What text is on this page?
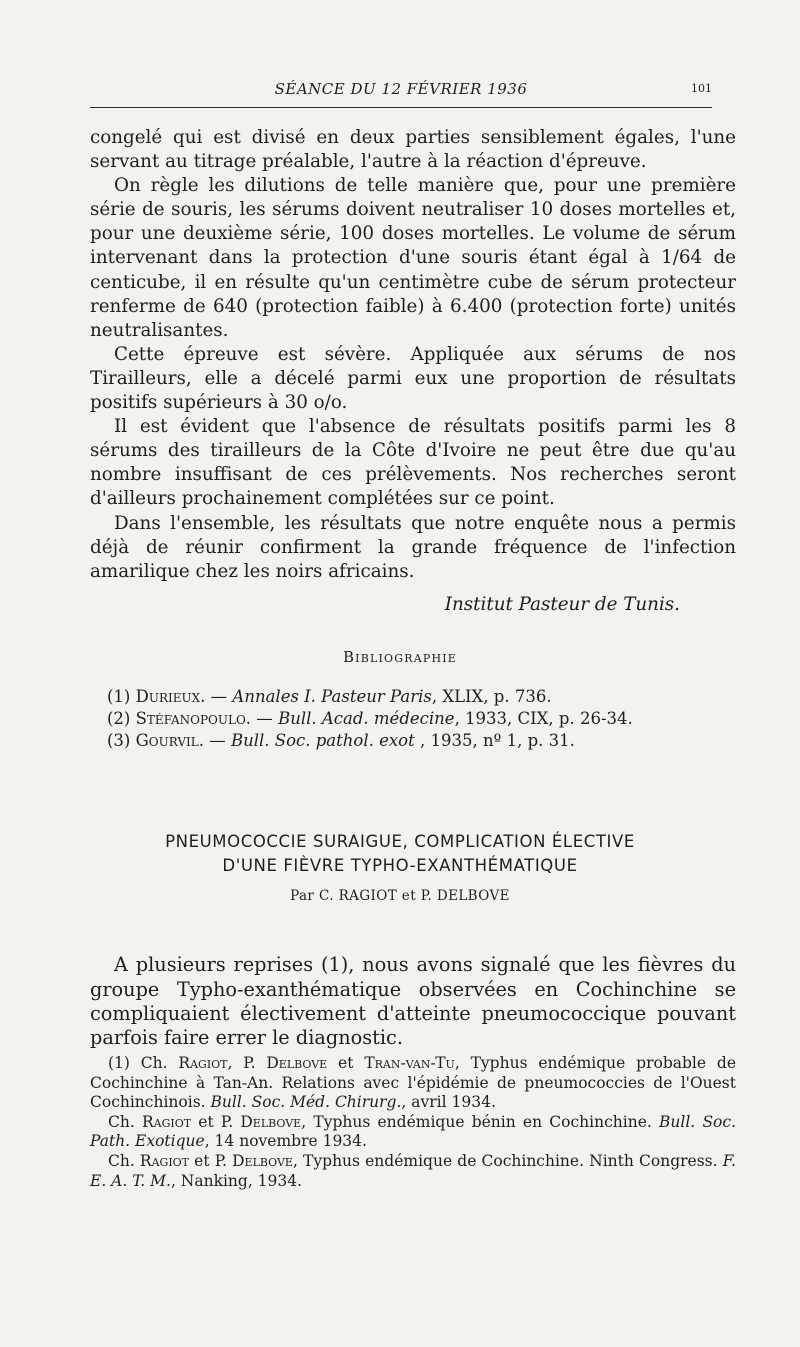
SÉANCE DU 12 FÉVRIER 1936	101

congelé qui est divisé en deux parties sensiblement égales, l'une servant au titrage préalable, l'autre à la réaction d'épreuve.

On règle les dilutions de telle manière que, pour une première série de souris, les sérums doivent neutraliser 10 doses mortelles et, pour une deuxième série, 100 doses mortelles. Le volume de sérum intervenant dans la protection d'une souris étant égal à 1/64 de centicube, il en résulte qu'un centimètre cube de sérum protecteur renferme de 640 (protection faible) à 6.400 (protection forte) unités neutralisantes.

Cette épreuve est sévère. Appliquée aux sérums de nos Tirailleurs, elle a décelé parmi eux une proportion de résultats positifs supérieurs à 30 o/o.

Il est évident que l'absence de résultats positifs parmi les 8 sérums des tirailleurs de la Côte d'Ivoire ne peut être due qu'au nombre insuffisant de ces prélèvements. Nos recherches seront d'ailleurs prochainement complétées sur ce point.

Dans l'ensemble, les résultats que notre enquête nous a permis déjà de réunir confirment la grande fréquence de l'infection amarilique chez les noirs africains.

Institut Pasteur de Tunis.
Bibliographie
(1) Durieux. — Annales I. Pasteur Paris, XLIX, p. 736.
(2) Stéfanopoulo. — Bull. Acad. médecine, 1933, CIX, p. 26-34.
(3) Gourvil. — Bull. Soc. pathol. exot , 1935, nº 1, p. 31.
PNEUMOCOCCIE SURAIGUE, COMPLICATION ÉLECTIVE
D'UNE FIÈVRE TYPHO-EXANTHÉMATIQUE
Par C. RAGIOT et P. DELBOVE

A plusieurs reprises (1), nous avons signalé que les fièvres du groupe Typho-exanthématique observées en Cochinchine se compliquaient électivement d'atteinte pneumococcique pouvant parfois faire errer le diagnostic.

(1) Ch. Ragiot, P. Delbove et Tran-van-Tu, Typhus endémique probable de Cochinchine à Tan-An. Relations avec l'épidémie de pneumococcies de l'Ouest Cochinchinois. Bull. Soc. Méd. Chirurg., avril 1934.

Ch. Ragiot et P. Delbove, Typhus endémique bénin en Cochinchine. Bull. Soc. Path. Exotique, 14 novembre 1934.

Ch. Ragiot et P. Delbove, Typhus endémique de Cochinchine. Ninth Congress. F. E. A. T. M., Nanking, 1934.
